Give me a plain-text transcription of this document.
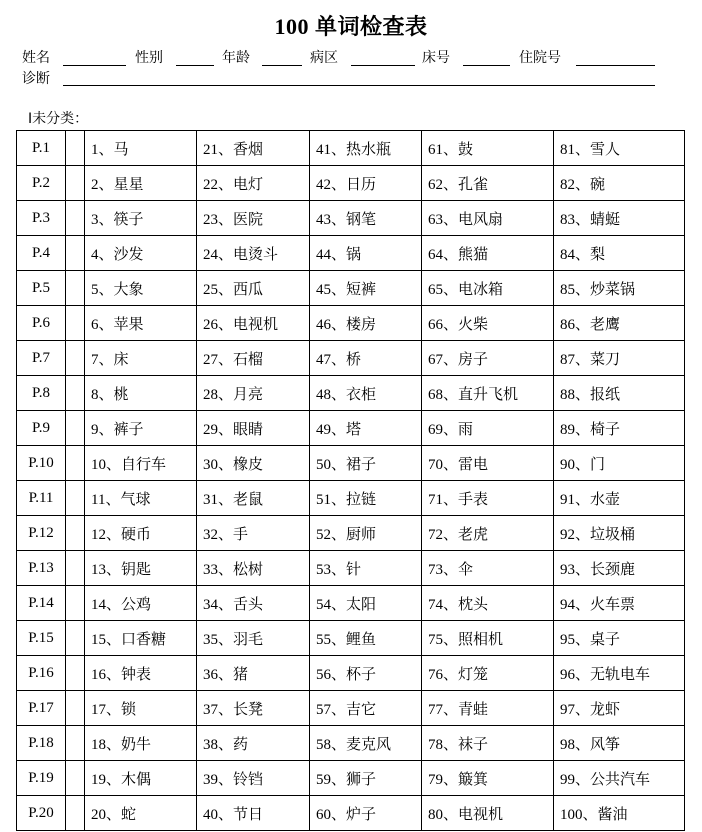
100 单词检查表
姓名	性别	年龄	病区	床号	住院号
诊断
Ⅰ未分类：
P.1		1、马	21、香烟	41、热水瓶	61、鼓	81、雪人
P.2		2、星星	22、电灯	42、日历	62、孔雀	82、碗
P.3		3、筷子	23、医院	43、钢笔	63、电风扇	83、蜻蜓
P.4		4、沙发	24、电烫斗	44、锅	64、熊猫	84、梨
P.5		5、大象	25、西瓜	45、短裤	65、电冰箱	85、炒菜锅
P.6		6、苹果	26、电视机	46、楼房	66、火柴	86、老鹰
P.7		7、床	27、石榴	47、桥	67、房子	87、菜刀
P.8		8、桃	28、月亮	48、衣柜	68、直升飞机	88、报纸
P.9		9、裤子	29、眼睛	49、塔	69、雨	89、椅子
P.10		10、自行车	30、橡皮	50、裙子	70、雷电	90、门
P.11		11、气球	31、老鼠	51、拉链	71、手表	91、水壶
P.12		12、硬币	32、手	52、厨师	72、老虎	92、垃圾桶
P.13		13、钥匙	33、松树	53、针	73、伞	93、长颈鹿
P.14		14、公鸡	34、舌头	54、太阳	74、枕头	94、火车票
P.15		15、口香糖	35、羽毛	55、鲤鱼	75、照相机	95、桌子
P.16		16、钟表	36、猪	56、杯子	76、灯笼	96、无轨电车
P.17		17、锁	37、长凳	57、吉它	77、青蛙	97、龙虾
P.18		18、奶牛	38、药	58、麦克风	78、袜子	98、风筝
P.19		19、木偶	39、铃铛	59、狮子	79、簸箕	99、公共汽车
P.20		20、蛇	40、节日	60、炉子	80、电视机	100、酱油
